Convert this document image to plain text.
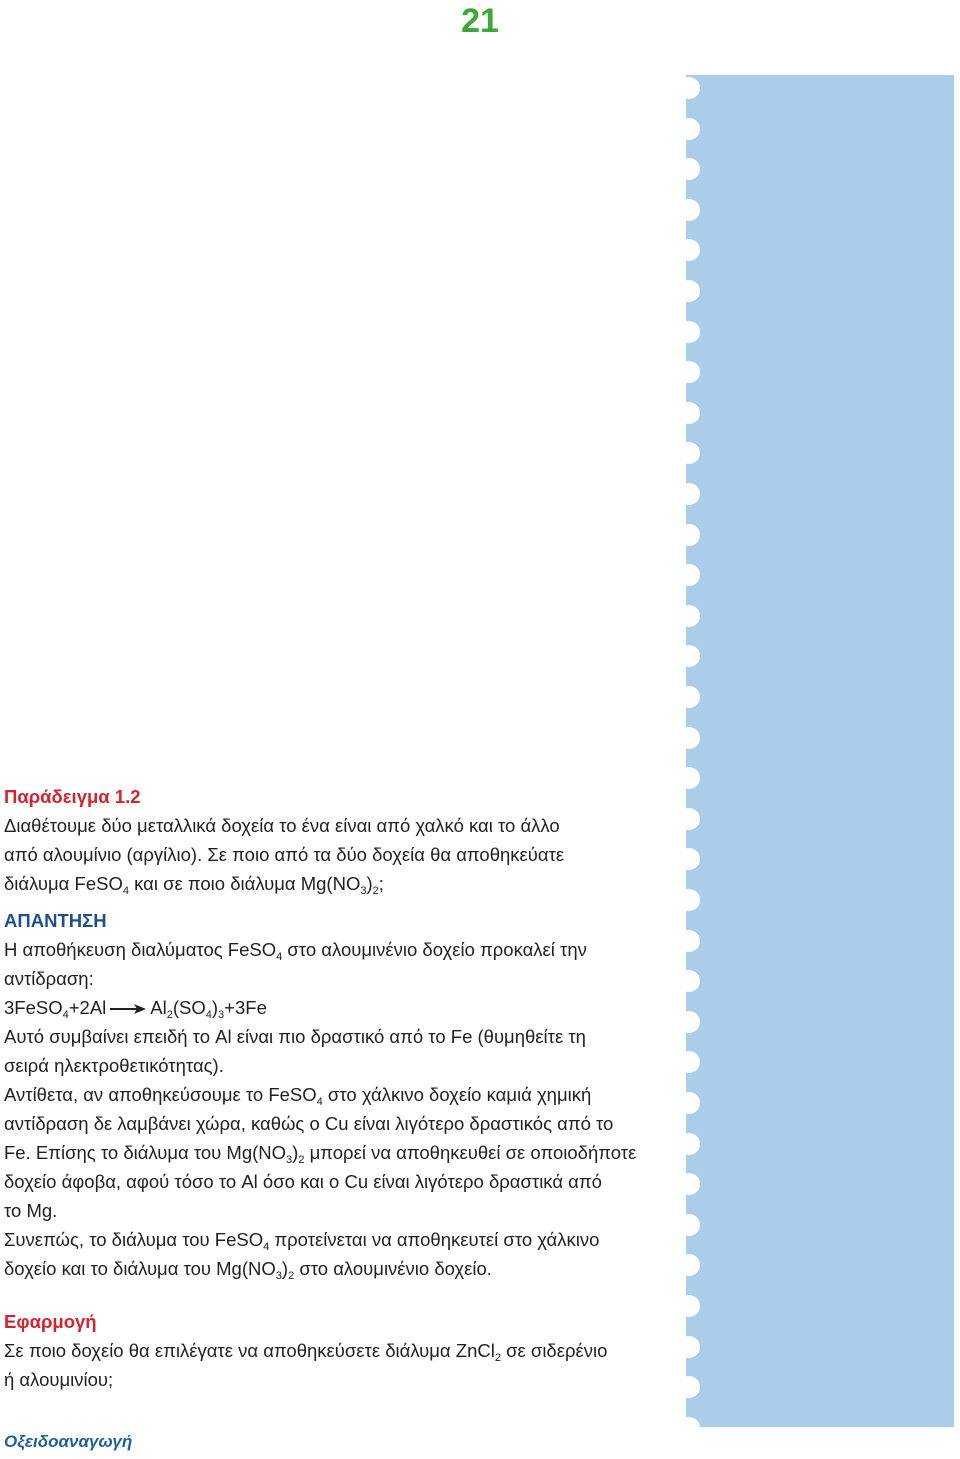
21

Παράδειγμα 1.2

Διαθέτουμε δύο μεταλλικά δοχεία το ένα είναι από χαλκό και το άλλο

από αλουμίνιο (αργίλιο). Σε ποιο από τα δύο δοχεία θα αποθηκεύατε

διάλυμα FeSO$_4$ και σε ποιο διάλυμα $Mg(NO_3)_2$;

ΑΠΑΝΤΗΣΗ

Η αποθήκευση διαλύματος FeSO$_4$ στο αλουμινένιο δοχείο προκαλεί την

αντίδραση:

3FeSO$_4$+2Al → $Al_2(SO_4)_3+3Fe$

Αυτό συμβαίνει επειδή το Al είναι πιο δραστικό από το Fe (θυμηθείτε τη

σειρά ηλεκτροθετικότητας).

Αντίθετα, αν αποθηκεύσουμε το FeSO$_4$ στο χάλκινο δοχείο καμιά χημική

αντίδραση δε λαμβάνει χώρα, καθώς ο Cu είναι λιγότερο δραστικός από το

Fe. Επίσης το διάλυμα του $Mg(NO_3)_2$ μπορεί να αποθηκευθεί σε οποιοδήποτε

δοχείο άφοβα, αφού τόσο το Al όσο και ο Cu είναι λιγότερο δραστικά από

το Mg.

Συνεπώς, το διάλυμα του FeSO$_4$ προτείνεται να αποθηκευτεί στο χάλκινο

δοχείο και το διάλυμα του $Mg(NO_3)_2$ στο αλουμινένιο δοχείο.

Εφαρμογή

Σε ποιο δοχείο θα επιλέγατε να αποθηκεύσετε διάλυμα ZnCl$_2$ σε σιδερένιο

ή αλουμινίου;

Οξειδοαναγωγή
